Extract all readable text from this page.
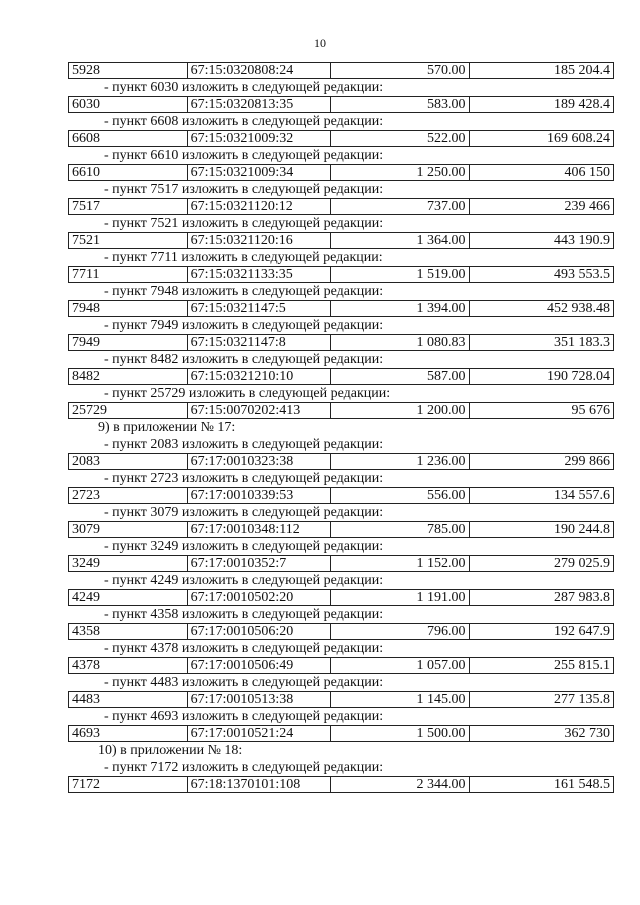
10
5928	67:15:0320808:24	570.00	185 204.4
- пункт 6030 изложить в следующей редакции:
6030	67:15:0320813:35	583.00	189 428.4
- пункт 6608 изложить в следующей редакции:
6608	67:15:0321009:32	522.00	169 608.24
- пункт 6610 изложить в следующей редакции:
6610	67:15:0321009:34	1 250.00	406 150
- пункт 7517 изложить в следующей редакции:
7517	67:15:0321120:12	737.00	239 466
- пункт 7521 изложить в следующей редакции:
7521	67:15:0321120:16	1 364.00	443 190.9
- пункт 7711 изложить в следующей редакции:
7711	67:15:0321133:35	1 519.00	493 553.5
- пункт 7948 изложить в следующей редакции:
7948	67:15:0321147:5	1 394.00	452 938.48
- пункт 7949 изложить в следующей редакции:
7949	67:15:0321147:8	1 080.83	351 183.3
- пункт 8482 изложить в следующей редакции:
8482	67:15:0321210:10	587.00	190 728.04
- пункт 25729 изложить в следующей редакции:
25729	67:15:0070202:413	1 200.00	95 676
9) в приложении № 17:
- пункт 2083 изложить в следующей редакции:
2083	67:17:0010323:38	1 236.00	299 866
- пункт 2723 изложить в следующей редакции:
2723	67:17:0010339:53	556.00	134 557.6
- пункт 3079 изложить в следующей редакции:
3079	67:17:0010348:112	785.00	190 244.8
- пункт 3249 изложить в следующей редакции:
3249	67:17:0010352:7	1 152.00	279 025.9
- пункт 4249 изложить в следующей редакции:
4249	67:17:0010502:20	1 191.00	287 983.8
- пункт 4358 изложить в следующей редакции:
4358	67:17:0010506:20	796.00	192 647.9
- пункт 4378 изложить в следующей редакции:
4378	67:17:0010506:49	1 057.00	255 815.1
- пункт 4483 изложить в следующей редакции:
4483	67:17:0010513:38	1 145.00	277 135.8
- пункт 4693 изложить в следующей редакции:
4693	67:17:0010521:24	1 500.00	362 730
10) в приложении № 18:
- пункт 7172 изложить в следующей редакции:
7172	67:18:1370101:108	2 344.00	161 548.5
